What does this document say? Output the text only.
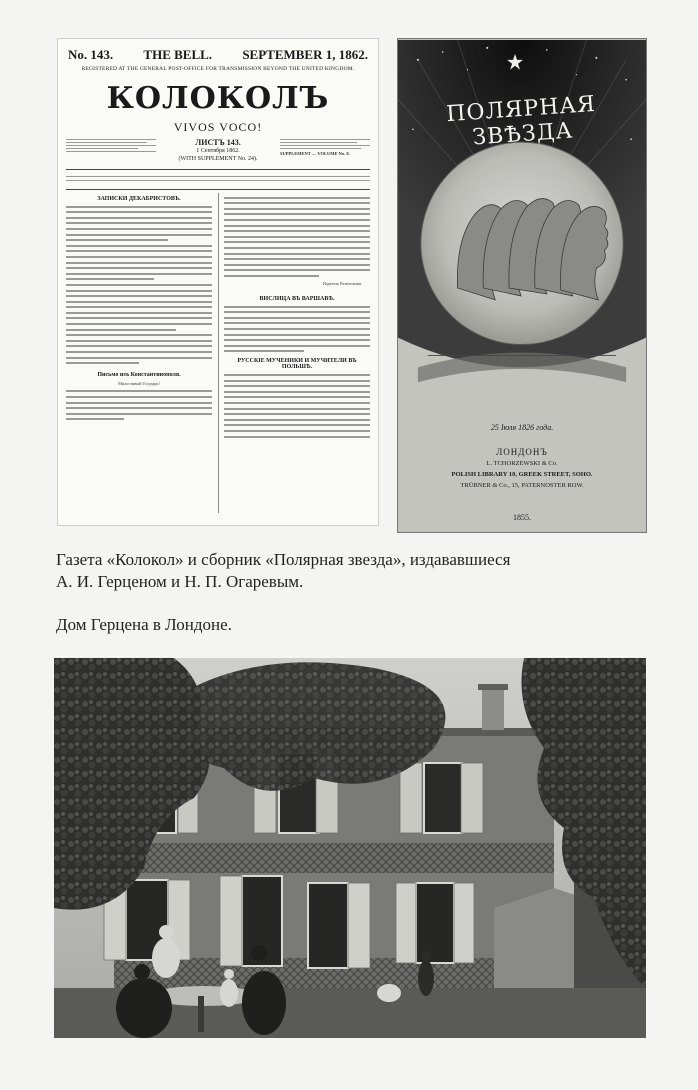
No. 143. THE BELL. SEPTEMBER 1, 1862.
REGISTERED AT THE GENERAL POST-OFFICE FOR TRANSMISSION BEYOND THE UNITED KINGDOM.
КОЛОКОЛЪ
VIVOS VOCO!
ЛИСТЪ 143.
1 Сентября 1862.
(WITH SUPPLEMENT No. 24).
SUPPLEMENT — VOLUME No. 8.
ЗАПИСКИ ДЕКАБРИСТОВЪ.
Письмо изъ Константинополя.
Милостивый Государь!
Издатель Развлеченія.
ВИСЛИЦА ВЪ ВАРШАВѢ.
РУССКІЕ МУЧЕНИКИ И МУЧИТЕЛИ ВЪ ПОЛЬШѢ.
ПОЛЯРНАЯ ЗВѢЗДА
25 Іюля 1826 года.
ЛОНДОНЪ
L. TCHORZEWSKI & Co.
POLISH LIBRARY 10, GREEK STREET, SOHO.
TRÜBNER & Co., 15, PATERNOSTER ROW.
1855.
Газета «Колокол» и сборник «Полярная звезда», издававшиеся
А. И. Герценом и Н. П. Огаревым.
Дом Герцена в Лондоне.
